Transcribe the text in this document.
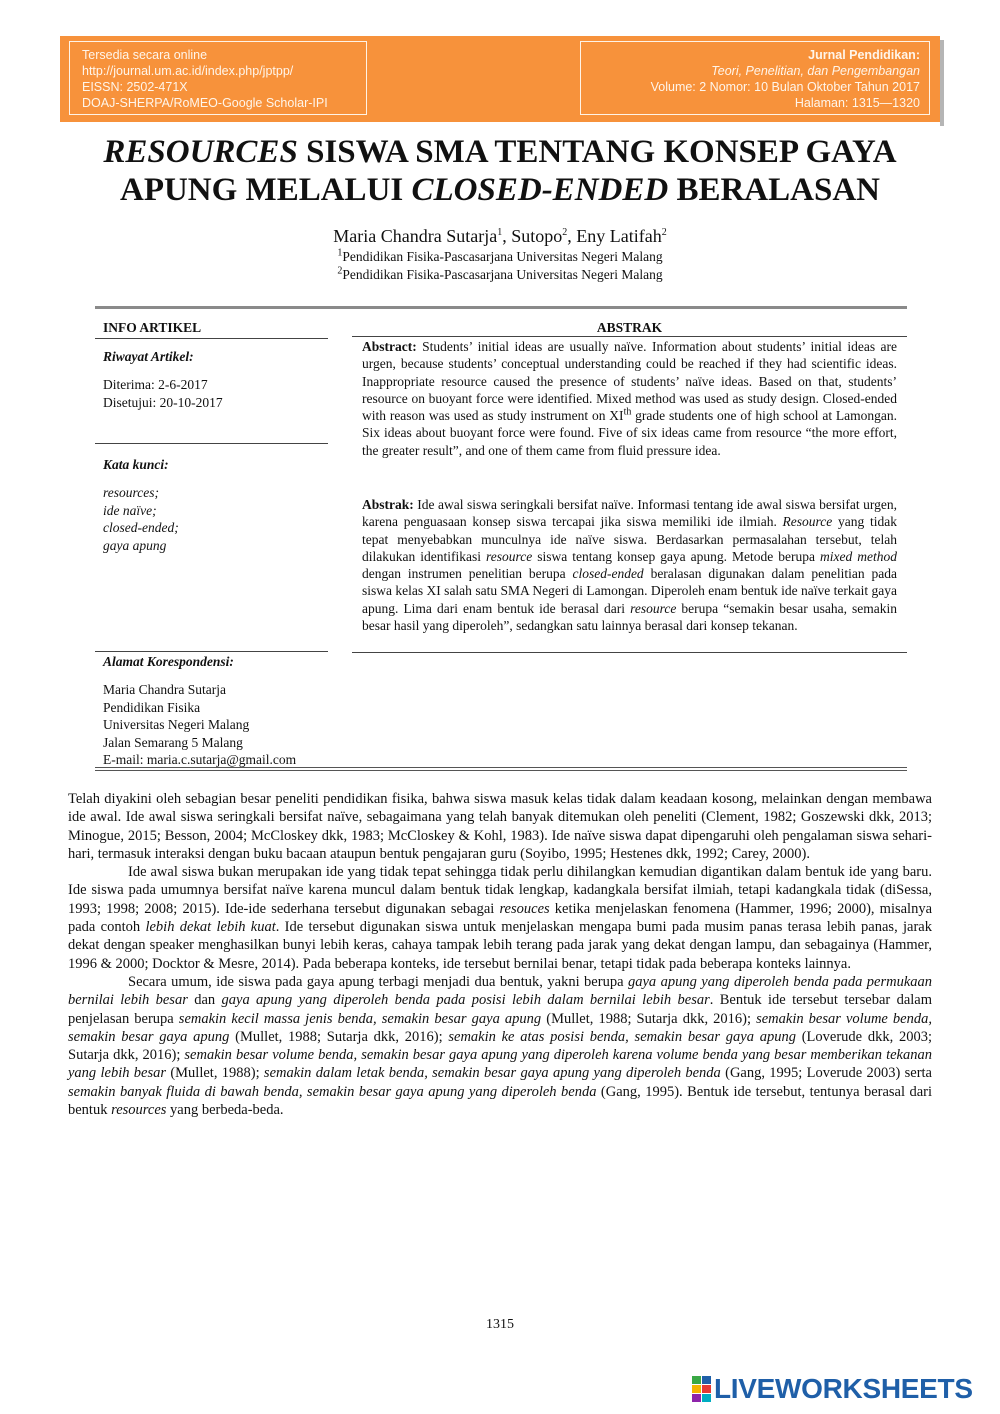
Tersedia secara online
http://journal.um.ac.id/index.php/jptpp/
EISSN: 2502-471X
DOAJ-SHERPA/RoMEO-Google Scholar-IPI
Jurnal Pendidikan:
Teori, Penelitian, dan Pengembangan
Volume: 2 Nomor: 10 Bulan Oktober Tahun 2017
Halaman: 1315—1320
RESOURCES SISWA SMA TENTANG KONSEP GAYA
APUNG MELALUI CLOSED-ENDED BERALASAN
Maria Chandra Sutarja$^1$, Sutopo$^2$, Eny Latifah$^2$
$^1$Pendidikan Fisika-Pascasarjana Universitas Negeri Malang
$^2$Pendidikan Fisika-Pascasarjana Universitas Negeri Malang
INFO ARTIKEL
Riwayat Artikel:
Diterima: 2-6-2017
Disetujui: 20-10-2017
Kata kunci:
resources;
ide naïve;
closed-ended;
gaya apung
Alamat Korespondensi:
Maria Chandra Sutarja
Pendidikan Fisika
Universitas Negeri Malang
Jalan Semarang 5 Malang
E-mail: maria.c.sutarja@gmail.com
ABSTRAK
Abstract: Students’ initial ideas are usually naïve. Information about students’ initial ideas are urgen, because students’ conceptual understanding could be reached if they had scientific ideas. Inappropriate resource caused the presence of students’ naïve ideas. Based on that, students’ resource on buoyant force were identified. Mixed method was used as study design. Closed-ended with reason was used as study instrument on XIth grade students one of high school at Lamongan. Six ideas about buoyant force were found. Five of six ideas came from resource “the more effort, the greater result”, and one of them came from fluid pressure idea.
Abstrak: Ide awal siswa seringkali bersifat naïve. Informasi tentang ide awal siswa bersifat urgen, karena penguasaan konsep siswa tercapai jika siswa memiliki ide ilmiah. Resource yang tidak tepat menyebabkan munculnya ide naïve siswa. Berdasarkan permasalahan tersebut, telah dilakukan identifikasi resource siswa tentang konsep gaya apung. Metode berupa mixed method dengan instrumen penelitian berupa closed-ended beralasan digunakan dalam penelitian pada siswa kelas XI salah satu SMA Negeri di Lamongan. Diperoleh enam bentuk ide naïve terkait gaya apung. Lima dari enam bentuk ide berasal dari resource berupa “semakin besar usaha, semakin besar hasil yang diperoleh”, sedangkan satu lainnya berasal dari konsep tekanan.

Telah diyakini oleh sebagian besar peneliti pendidikan fisika, bahwa siswa masuk kelas tidak dalam keadaan kosong, melainkan dengan membawa ide awal. Ide awal siswa seringkali bersifat naïve, sebagaimana yang telah banyak ditemukan oleh peneliti (Clement, 1982; Goszewski dkk, 2013; Minogue, 2015; Besson, 2004; McCloskey dkk, 1983; McCloskey & Kohl, 1983). Ide naïve siswa dapat dipengaruhi oleh pengalaman siswa sehari-hari, termasuk interaksi dengan buku bacaan ataupun bentuk pengajaran guru (Soyibo, 1995; Hestenes dkk, 1992; Carey, 2000).

Ide awal siswa bukan merupakan ide yang tidak tepat sehingga tidak perlu dihilangkan kemudian digantikan dalam bentuk ide yang baru. Ide siswa pada umumnya bersifat naïve karena muncul dalam bentuk tidak lengkap, kadangkala bersifat ilmiah, tetapi kadangkala tidak (diSessa, 1993; 1998; 2008; 2015). Ide-ide sederhana tersebut digunakan sebagai resouces ketika menjelaskan fenomena (Hammer, 1996; 2000), misalnya pada contoh lebih dekat lebih kuat. Ide tersebut digunakan siswa untuk menjelaskan mengapa bumi pada musim panas terasa lebih panas, jarak dekat dengan speaker menghasilkan bunyi lebih keras, cahaya tampak lebih terang pada jarak yang dekat dengan lampu, dan sebagainya (Hammer, 1996 & 2000; Docktor & Mesre, 2014). Pada beberapa konteks, ide tersebut bernilai benar, tetapi tidak pada beberapa konteks lainnya.

Secara umum, ide siswa pada gaya apung terbagi menjadi dua bentuk, yakni berupa gaya apung yang diperoleh benda pada permukaan bernilai lebih besar dan gaya apung yang diperoleh benda pada posisi lebih dalam bernilai lebih besar. Bentuk ide tersebut tersebar dalam penjelasan berupa semakin kecil massa jenis benda, semakin besar gaya apung (Mullet, 1988; Sutarja dkk, 2016); semakin besar volume benda, semakin besar gaya apung (Mullet, 1988; Sutarja dkk, 2016); semakin ke atas posisi benda, semakin besar gaya apung (Loverude dkk, 2003; Sutarja dkk, 2016); semakin besar volume benda, semakin besar gaya apung yang diperoleh karena volume benda yang besar memberikan tekanan yang lebih besar (Mullet, 1988); semakin dalam letak benda, semakin besar gaya apung yang diperoleh benda (Gang, 1995; Loverude 2003) serta semakin banyak fluida di bawah benda, semakin besar gaya apung yang diperoleh benda (Gang, 1995). Bentuk ide tersebut, tentunya berasal dari bentuk resources yang berbeda-beda.

1315
LIVEWORKSHEETS
